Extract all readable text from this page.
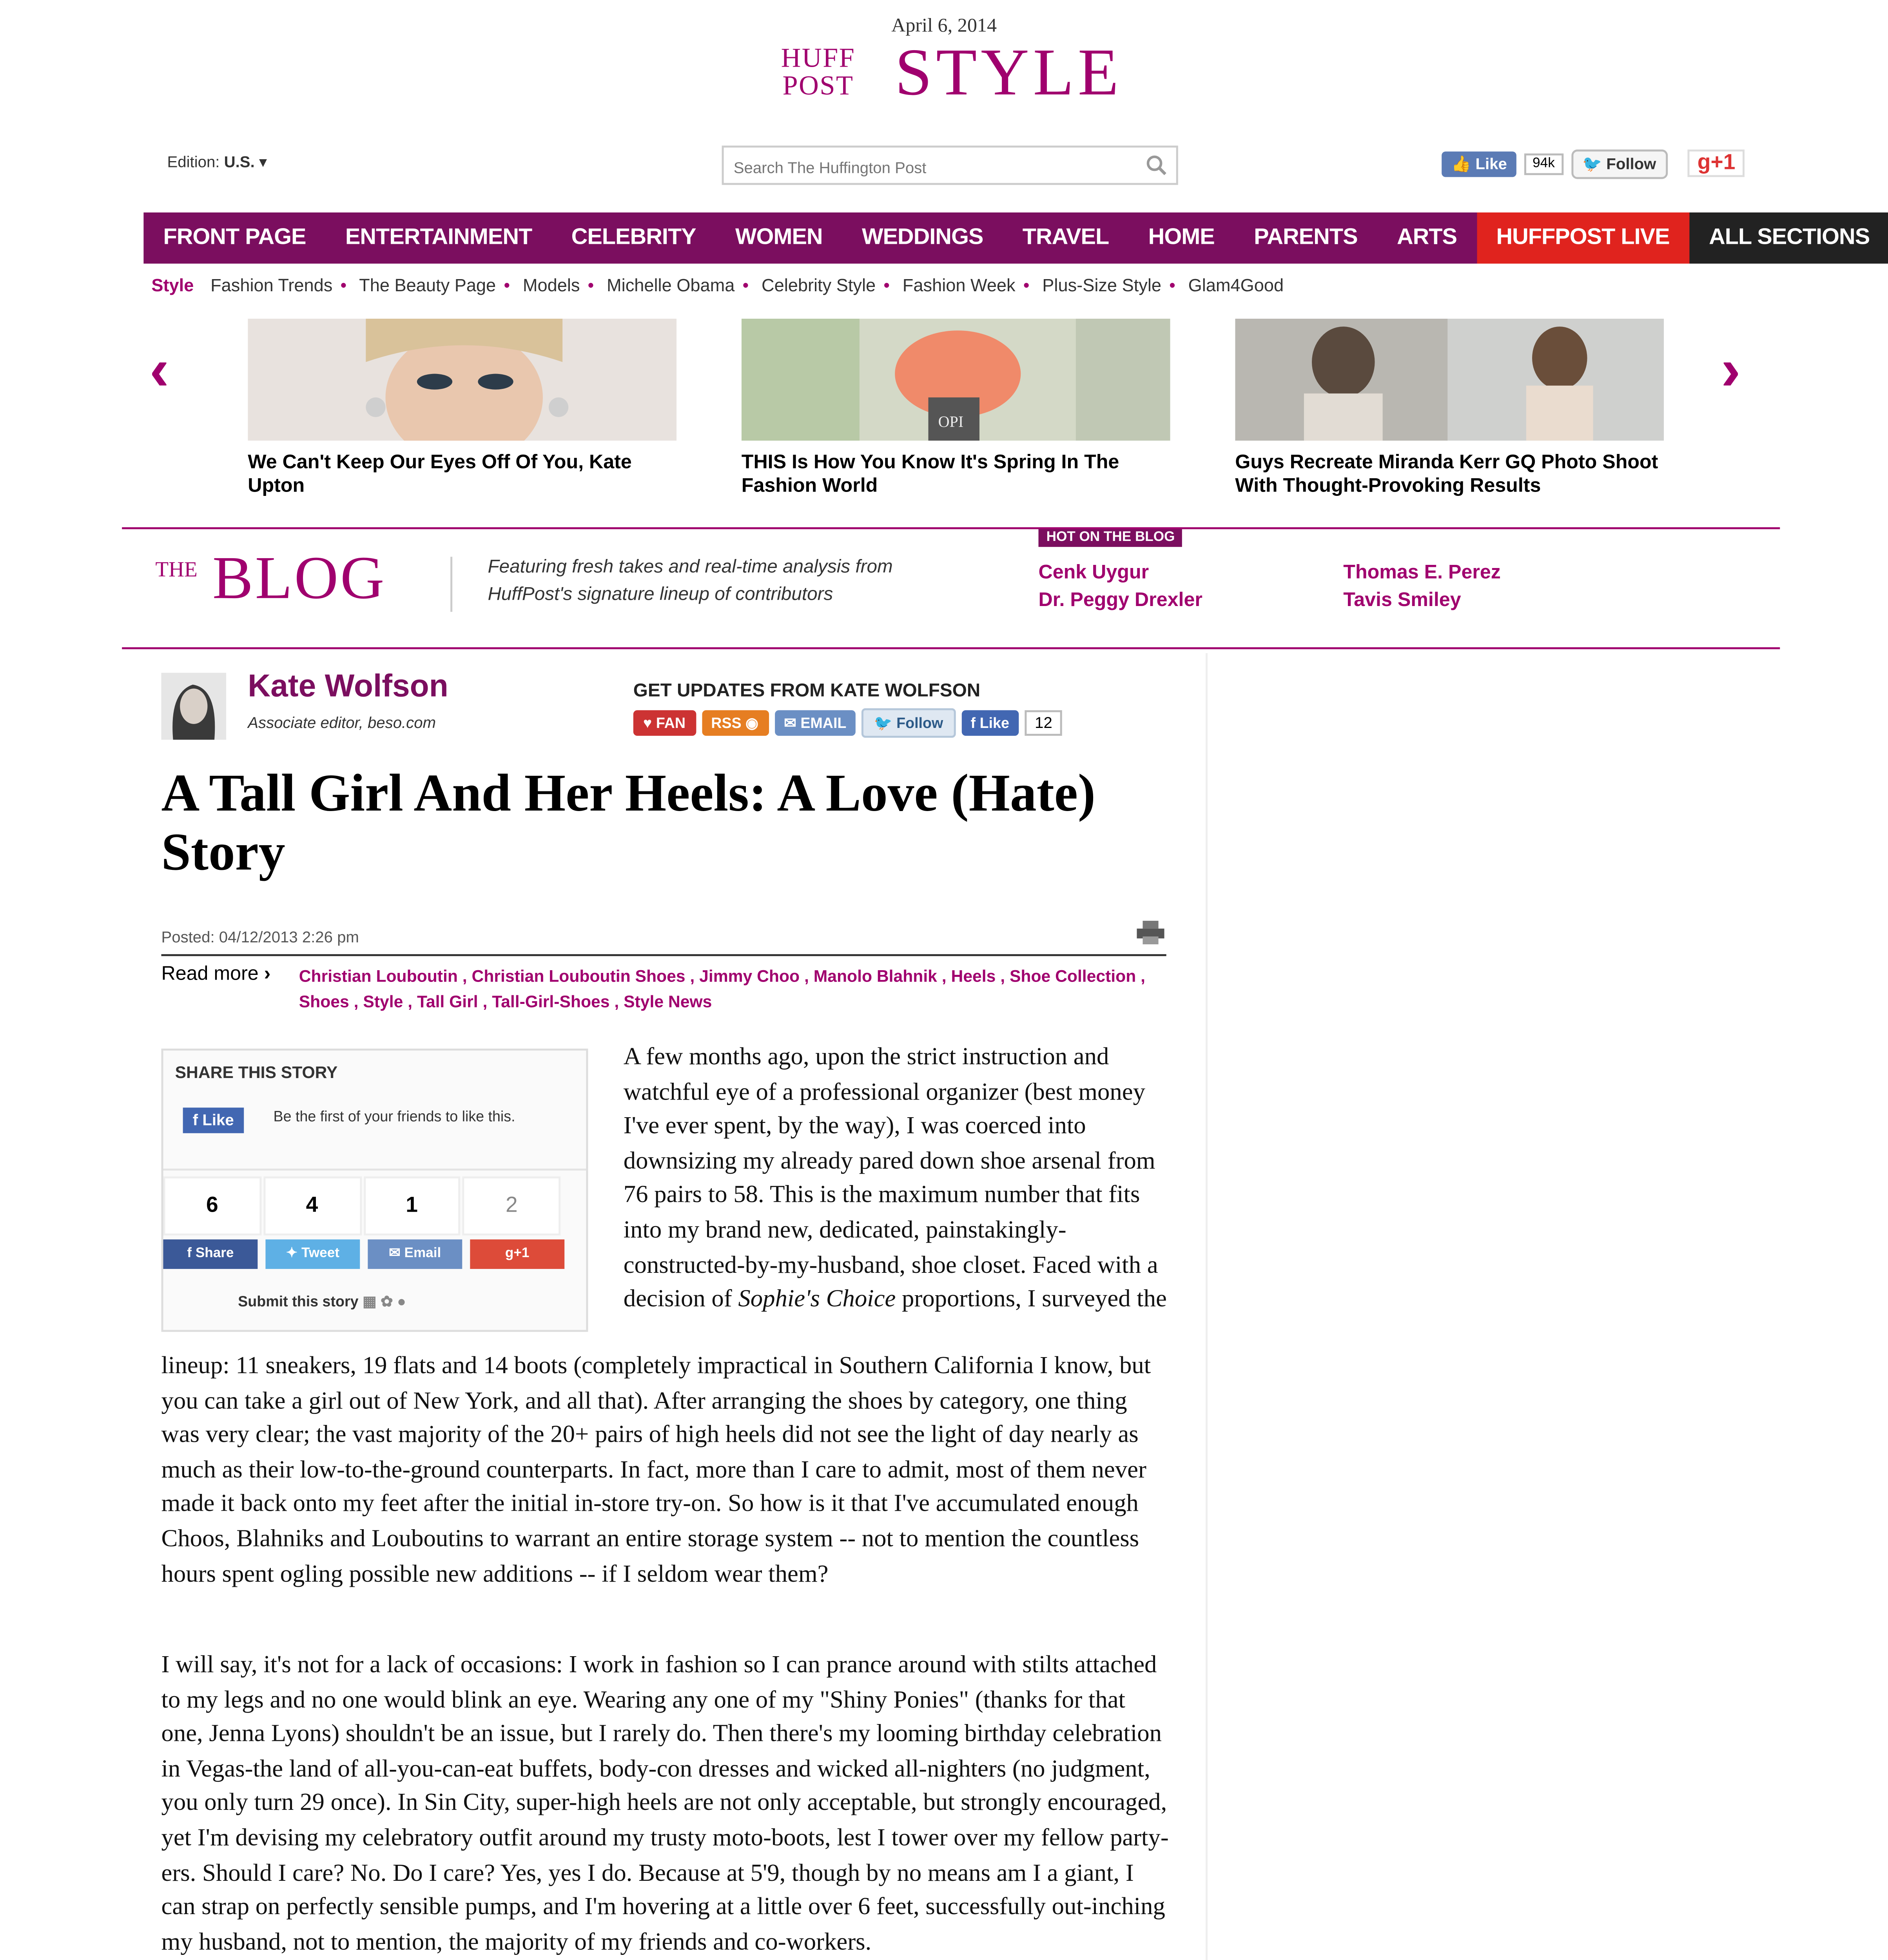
April 6, 2014
HUFF
POST	STYLE
Edition: U.S. ▾
Search The Huffington Post	👍 Like	94k	🐦 Follow	g+1
FRONT PAGE	ENTERTAINMENT	CELEBRITY	WOMEN	WEDDINGS	TRAVEL	HOME	PARENTS	ARTS	HUFFPOST LIVE	ALL SECTIONS
Style	Fashion Trends •	The Beauty Page •	Models •	Michelle Obama •	Celebrity Style •	Fashion Week •	Plus-Size Style •	Glam4Good
‹	›
OPI
We Can't Keep Our Eyes Off Of You, Kate Upton
THIS Is How You Know It's Spring In The Fashion World
Guys Recreate Miranda Kerr GQ Photo Shoot With Thought-Provoking Results
THE BLOG	Featuring fresh takes and real-time analysis from HuffPost's signature lineup of contributors
HOT ON THE BLOG
Cenk Uygur
Dr. Peggy Drexler
Thomas E. Perez
Tavis Smiley
Kate Wolfson
Associate editor, beso.com
GET UPDATES FROM KATE WOLFSON
♥ FAN	RSS ◉	✉ EMAIL	🐦 Follow	f Like	12
A Tall Girl And Her Heels: A Love (Hate) Story
Posted: 04/12/2013 2:26 pm
Read more ›	Christian Louboutin , Christian Louboutin Shoes , Jimmy Choo , Manolo Blahnik , Heels , Shoe Collection , Shoes , Style , Tall Girl , Tall-Girl-Shoes , Style News
SHARE THIS STORY
f Like	Be the first of your friends to like this.
6	4	1	2
f Share	✦ Tweet	✉ Email	g+1
Submit this story ▦ ✿ ●
A few months ago, upon the strict instruction and watchful eye of a professional organizer (best money I've ever spent, by the way), I was coerced into downsizing my already pared down shoe arsenal from 76 pairs to 58. This is the maximum number that fits into my brand new, dedicated, painstakingly-constructed-by-my-husband, shoe closet. Faced with a decision of Sophie's Choice proportions, I surveyed the
lineup: 11 sneakers, 19 flats and 14 boots (completely impractical in Southern California I know, but you can take a girl out of New York, and all that). After arranging the shoes by category, one thing was very clear; the vast majority of the 20+ pairs of high heels did not see the light of day nearly as much as their low-to-the-ground counterparts. In fact, more than I care to admit, most of them never made it back onto my feet after the initial in-store try-on. So how is it that I've accumulated enough Choos, Blahniks and Louboutins to warrant an entire storage system -- not to mention the countless hours spent ogling possible new additions -- if I seldom wear them?
I will say, it's not for a lack of occasions: I work in fashion so I can prance around with stilts attached to my legs and no one would blink an eye. Wearing any one of my "Shiny Ponies" (thanks for that one, Jenna Lyons) shouldn't be an issue, but I rarely do. Then there's my looming birthday celebration in Vegas-the land of all-you-can-eat buffets, body-con dresses and wicked all-nighters (no judgment, you only turn 29 once). In Sin City, super-high heels are not only acceptable, but strongly encouraged, yet I'm devising my celebratory outfit around my trusty moto-boots, lest I tower over my fellow party-ers. Should I care? No. Do I care? Yes, yes I do. Because at 5'9, though by no means am I a giant, I can strap on perfectly sensible pumps, and I'm hovering at a little over 6 feet, successfully out-inching my husband, not to mention, the majority of my friends and co-workers.
